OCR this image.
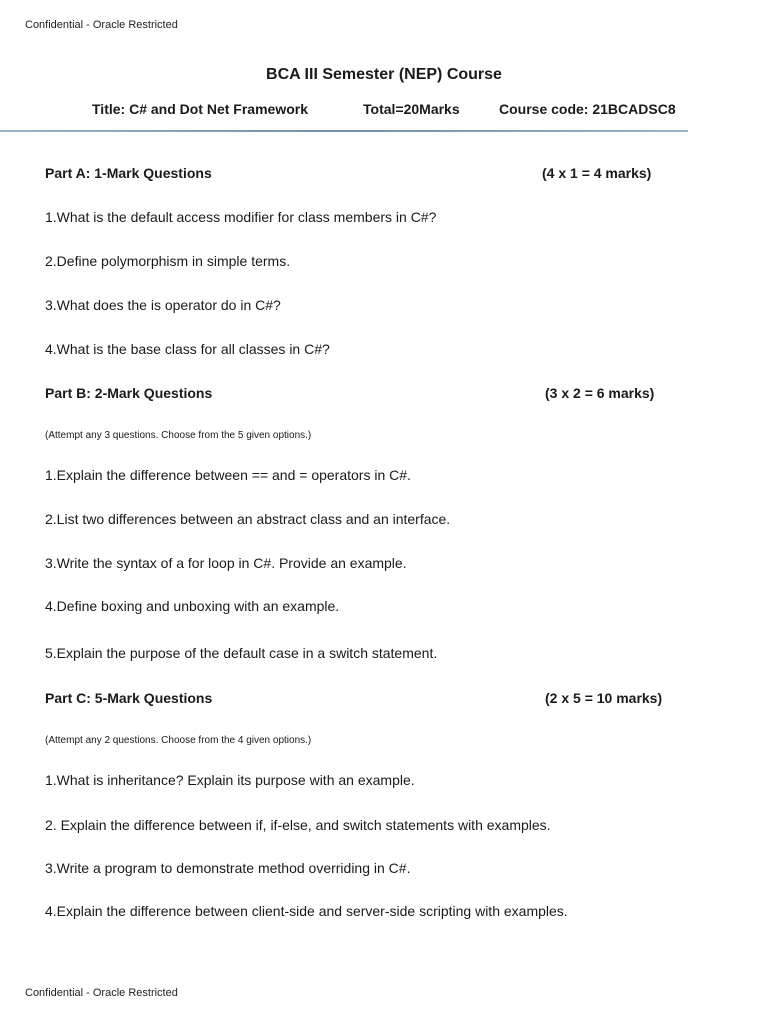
Confidential - Oracle Restricted
BCA III Semester (NEP) Course
Title: C# and Dot Net Framework	Total=20Marks	Course code: 21BCADSC8
Part A: 1-Mark Questions	(4 x 1 = 4 marks)
1.What is the default access modifier for class members in C#?
2.Define polymorphism in simple terms.
3.What does the is operator do in C#?
4.What is the base class for all classes in C#?
Part B: 2-Mark Questions	(3 x 2 = 6 marks)
(Attempt any 3 questions. Choose from the 5 given options.)
1.Explain the difference between == and = operators in C#.
2.List two differences between an abstract class and an interface.
3.Write the syntax of a for loop in C#. Provide an example.
4.Define boxing and unboxing with an example.
5.Explain the purpose of the default case in a switch statement.
Part C: 5-Mark Questions	(2 x 5 = 10 marks)
(Attempt any 2 questions. Choose from the 4 given options.)
1.What is inheritance? Explain its purpose with an example.
2. Explain the difference between if, if-else, and switch statements with examples.
3.Write a program to demonstrate method overriding in C#.
4.Explain the difference between client-side and server-side scripting with examples.
Confidential - Oracle Restricted
